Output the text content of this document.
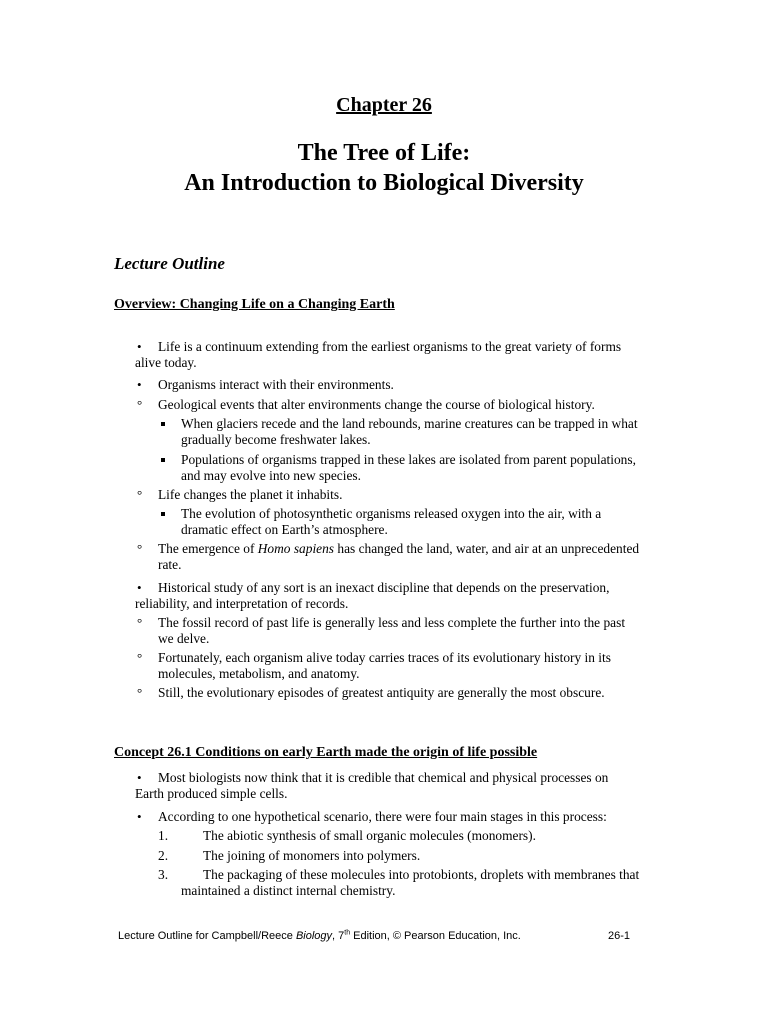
Chapter 26
The Tree of Life:
An Introduction to Biological Diversity
Lecture Outline
Overview: Changing Life on a Changing Earth
• Life is a continuum extending from the earliest organisms to the great variety of forms
alive today.
• Organisms interact with their environments.
° Geological events that alter environments change the course of biological history.
When glaciers recede and the land rebounds, marine creatures can be trapped in what
gradually become freshwater lakes.
Populations of organisms trapped in these lakes are isolated from parent populations,
and may evolve into new species.
° Life changes the planet it inhabits.
The evolution of photosynthetic organisms released oxygen into the air, with a
dramatic effect on Earth’s atmosphere.
° The emergence of Homo sapiens has changed the land, water, and air at an unprecedented
rate.
• Historical study of any sort is an inexact discipline that depends on the preservation,
reliability, and interpretation of records.
° The fossil record of past life is generally less and less complete the further into the past
we delve.
° Fortunately, each organism alive today carries traces of its evolutionary history in its
molecules, metabolism, and anatomy.
° Still, the evolutionary episodes of greatest antiquity are generally the most obscure.
Concept 26.1 Conditions on early Earth made the origin of life possible
• Most biologists now think that it is credible that chemical and physical processes on
Earth produced simple cells.
• According to one hypothetical scenario, there were four main stages in this process:
1.	The abiotic synthesis of small organic molecules (monomers).
2.	The joining of monomers into polymers.
3.	The packaging of these molecules into protobionts, droplets with membranes that
maintained a distinct internal chemistry.
Lecture Outline for Campbell/Reece Biology, 7th Edition, © Pearson Education, Inc.	26-1
